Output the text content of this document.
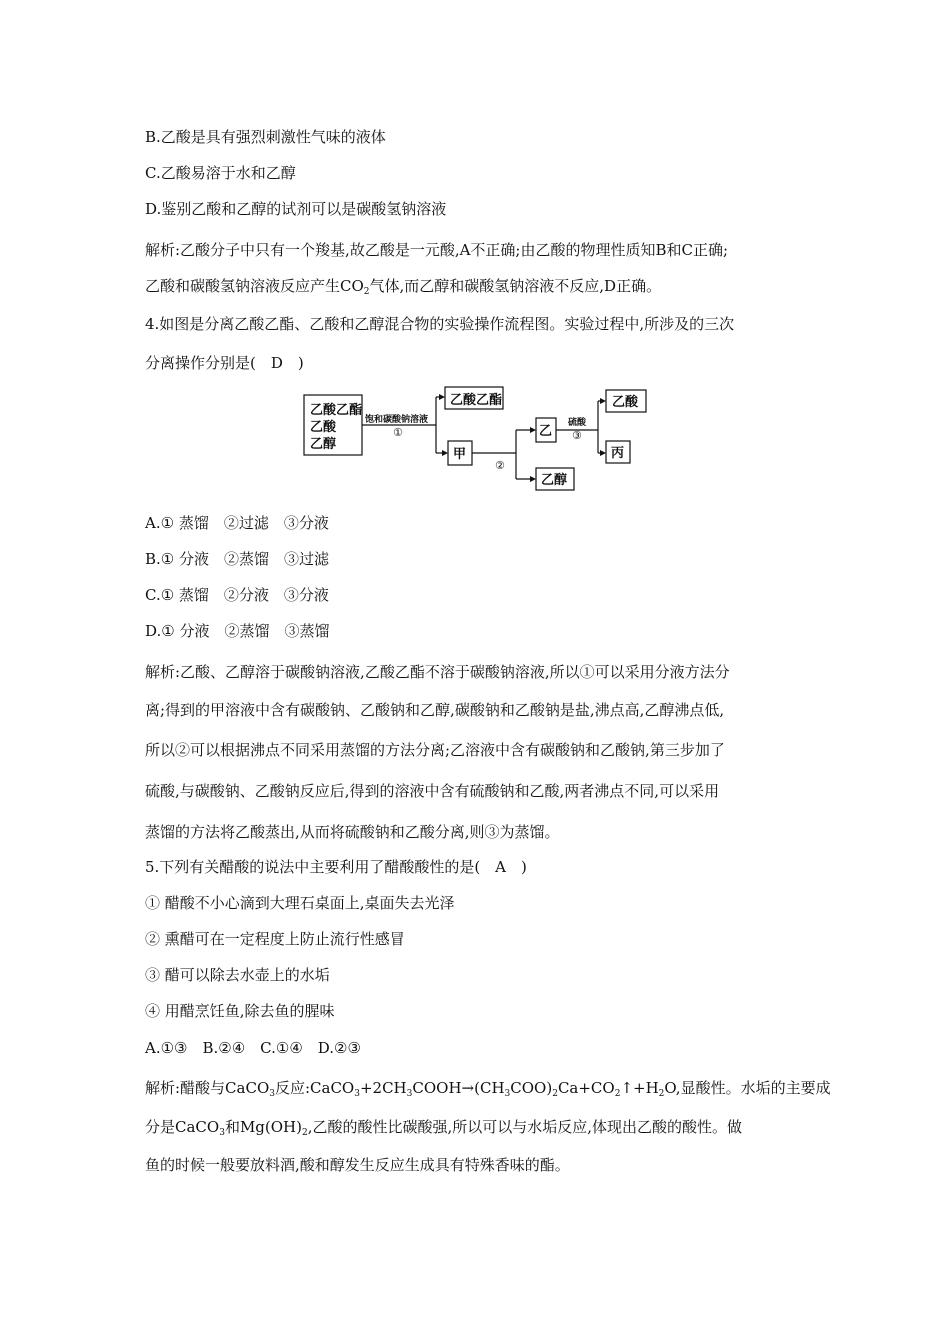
B.乙酸是具有强烈刺激性气味的液体
C.乙酸易溶于水和乙醇
D.鉴别乙酸和乙醇的试剂可以是碳酸氢钠溶液
解析:乙酸分子中只有一个羧基,故乙酸是一元酸,A不正确;由乙酸的物理性质知B和C正确;
乙酸和碳酸氢钠溶液反应产生$CO_2$气体,而乙醇和碳酸氢钠溶液不反应,D正确。
4.如图是分离乙酸乙酯、乙酸和乙醇混合物的实验操作流程图。实验过程中,所涉及的三次
分离操作分别是(　D　)
乙酸乙酯
乙酸
乙醇
饱和碳酸钠溶液
①
乙酸乙酯
甲
②
乙
乙醇
硫酸
③
乙酸
丙
A.① 蒸馏　②过滤　③分液
B.① 分液　②蒸馏　③过滤
C.① 蒸馏　②分液　③分液
D.① 分液　②蒸馏　③蒸馏
解析:乙酸、乙醇溶于碳酸钠溶液,乙酸乙酯不溶于碳酸钠溶液,所以①可以采用分液方法分
离;得到的甲溶液中含有碳酸钠、乙酸钠和乙醇,碳酸钠和乙酸钠是盐,沸点高,乙醇沸点低,
所以②可以根据沸点不同采用蒸馏的方法分离;乙溶液中含有碳酸钠和乙酸钠,第三步加了
硫酸,与碳酸钠、乙酸钠反应后,得到的溶液中含有硫酸钠和乙酸,两者沸点不同,可以采用
蒸馏的方法将乙酸蒸出,从而将硫酸钠和乙酸分离,则③为蒸馏。
5.下列有关醋酸的说法中主要利用了醋酸酸性的是(　A　)
① 醋酸不小心滴到大理石桌面上,桌面失去光泽
② 熏醋可在一定程度上防止流行性感冒
③ 醋可以除去水壶上的水垢
④ 用醋烹饪鱼,除去鱼的腥味
A.①③　B.②④　C.①④　D.②③
解析:醋酸与CaCO$_3$反应$:CaCO_3+2CH_3COOH\to(CH_3COO)_2Ca+CO_2↑+H_2O$,显酸性。水垢的主要成
分是CaCO$_3$和$Mg(OH)_2$,乙酸的酸性比碳酸强,所以可以与水垢反应,体现出乙酸的酸性。做
鱼的时候一般要放料酒,酸和醇发生反应生成具有特殊香味的酯。
